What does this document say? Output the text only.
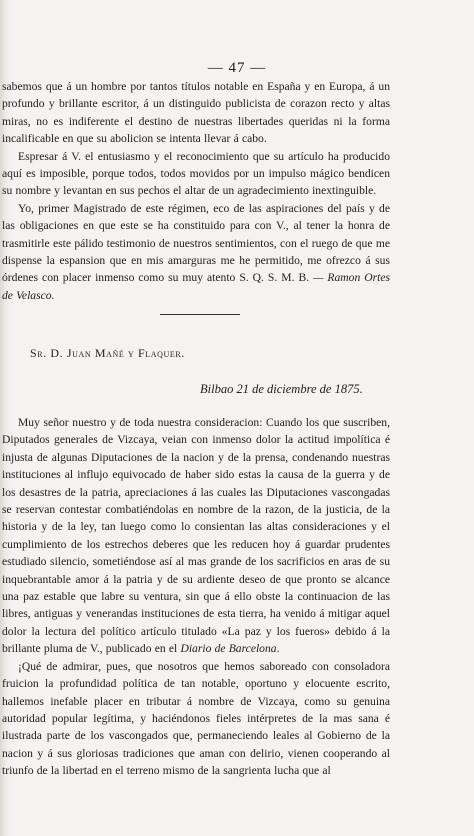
— 47 —

sabemos que á un hombre por tantos títulos notable en España y en Europa, á un profundo y brillante escritor, á un distinguido publicista de corazon recto y altas miras, no es indiferente el destino de nuestras libertades queridas ni la forma incalificable en que su abolicion se intenta llevar á cabo.

Espresar á V. el entusiasmo y el reconocimiento que su artículo ha producido aquí es imposible, porque todos, todos movidos por un impulso mágico bendicen su nombre y levantan en sus pechos el altar de un agradecimiento inextinguible.

Yo, primer Magistrado de este régimen, eco de las aspiraciones del país y de las obligaciones en que este se ha constituido para con V., al tener la honra de trasmitirle este pálido testimonio de nuestros sentimientos, con el ruego de que me dispense la espansion que en mis amarguras me he permitido, me ofrezco á sus órdenes con placer inmenso como su muy atento S. Q. S. M. B. — Ramon Ortes de Velasco.

Sr. D. Juan Mañé y Flaquer.
Bilbao 21 de diciembre de 1875.

Muy señor nuestro y de toda nuestra consideracion: Cuando los que suscriben, Diputados generales de Vizcaya, veian con inmenso dolor la actitud impolítica é injusta de algunas Diputaciones de la nacion y de la prensa, condenando nuestras instituciones al influjo equivocado de haber sido estas la causa de la guerra y de los desastres de la patria, apreciaciones á las cuales las Diputaciones vascongadas se reservan contestar combatiéndolas en nombre de la razon, de la justicia, de la historia y de la ley, tan luego como lo consientan las altas consideraciones y el cumplimiento de los estrechos deberes que les reducen hoy á guardar prudentes estudiado silencio, sometiéndose así al mas grande de los sacrificios en aras de su inquebrantable amor á la patria y de su ardiente deseo de que pronto se alcance una paz estable que labre su ventura, sin que á ello obste la continuacion de las libres, antiguas y venerandas instituciones de esta tierra, ha venido á mitigar aquel dolor la lectura del político artículo titulado «La paz y los fueros» debido á la brillante pluma de V., publicado en el Diario de Barcelona.

¡Qué de admirar, pues, que nosotros que hemos saboreado con consoladora fruicion la profundidad política de tan notable, oportuno y elocuente escrito, hallemos inefable placer en tributar á nombre de Vizcaya, como su genuina autoridad popular legítima, y haciéndonos fieles intérpretes de la mas sana é ilustrada parte de los vascongados que, permaneciendo leales al Gobierno de la nacion y á sus gloriosas tradiciones que aman con delirio, vienen cooperando al triunfo de la libertad en el terreno mismo de la sangrienta lucha que al
